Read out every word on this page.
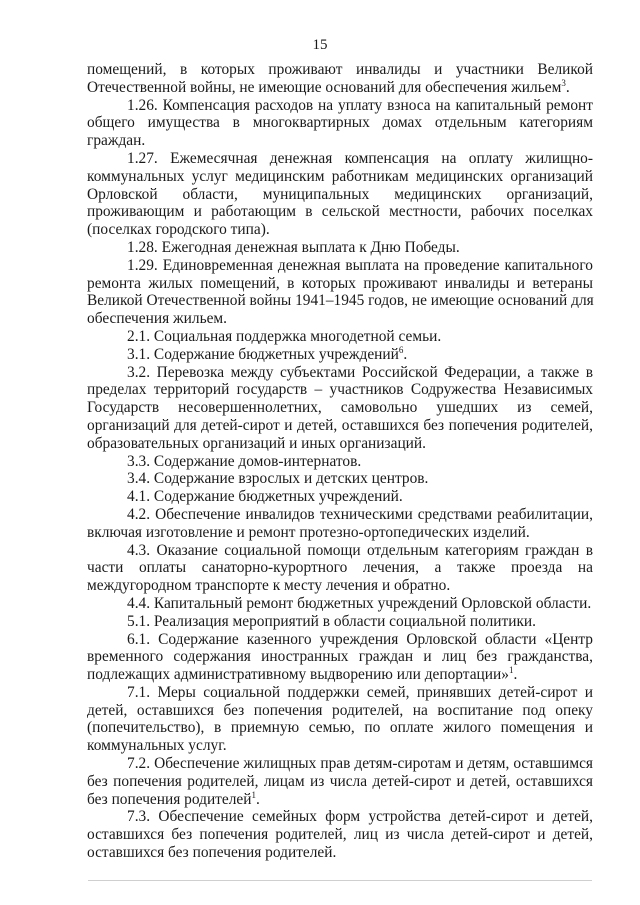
15
помещений, в которых проживают инвалиды и участники Великой
Отечественной войны, не имеющие оснований для обеспечения жильем$^3$.
1.26. Компенсация расходов на уплату взноса на капитальный ремонт
общего имущества в многоквартирных домах отдельным категориям
граждан.
1.27. Ежемесячная денежная компенсация на оплату жилищно-
коммунальных услуг медицинским работникам медицинских организаций
Орловской области, муниципальных медицинских организаций,
проживающим и работающим в сельской местности, рабочих поселках
(поселках городского типа).
1.28. Ежегодная денежная выплата к Дню Победы.
1.29. Единовременная денежная выплата на проведение капитального
ремонта жилых помещений, в которых проживают инвалиды и ветераны
Великой Отечественной войны 1941–1945 годов, не имеющие оснований для
обеспечения жильем.
2.1. Социальная поддержка многодетной семьи.
3.1. Содержание бюджетных учреждений$^6$.
3.2. Перевозка между субъектами Российской Федерации, а также в
пределах территорий государств – участников Содружества Независимых
Государств несовершеннолетних, самовольно ушедших из семей,
организаций для детей-сирот и детей, оставшихся без попечения родителей,
образовательных организаций и иных организаций.
3.3. Содержание домов-интернатов.
3.4. Содержание взрослых и детских центров.
4.1. Содержание бюджетных учреждений.
4.2. Обеспечение инвалидов техническими средствами реабилитации,
включая изготовление и ремонт протезно-ортопедических изделий.
4.3. Оказание социальной помощи отдельным категориям граждан в
части оплаты санаторно-курортного лечения, а также проезда на
междугородном транспорте к месту лечения и обратно.
4.4. Капитальный ремонт бюджетных учреждений Орловской области.
5.1. Реализация мероприятий в области социальной политики.
6.1. Содержание казенного учреждения Орловской области «Центр
временного содержания иностранных граждан и лиц без гражданства,
подлежащих административному выдворению или депортации»$^1$.
7.1. Меры социальной поддержки семей, принявших детей-сирот и
детей, оставшихся без попечения родителей, на воспитание под опеку
(попечительство), в приемную семью, по оплате жилого помещения и
коммунальных услуг.
7.2. Обеспечение жилищных прав детям-сиротам и детям, оставшимся
без попечения родителей, лицам из числа детей-сирот и детей, оставшихся
без попечения родителей$^1$.
7.3. Обеспечение семейных форм устройства детей-сирот и детей,
оставшихся без попечения родителей, лиц из числа детей-сирот и детей,
оставшихся без попечения родителей.
